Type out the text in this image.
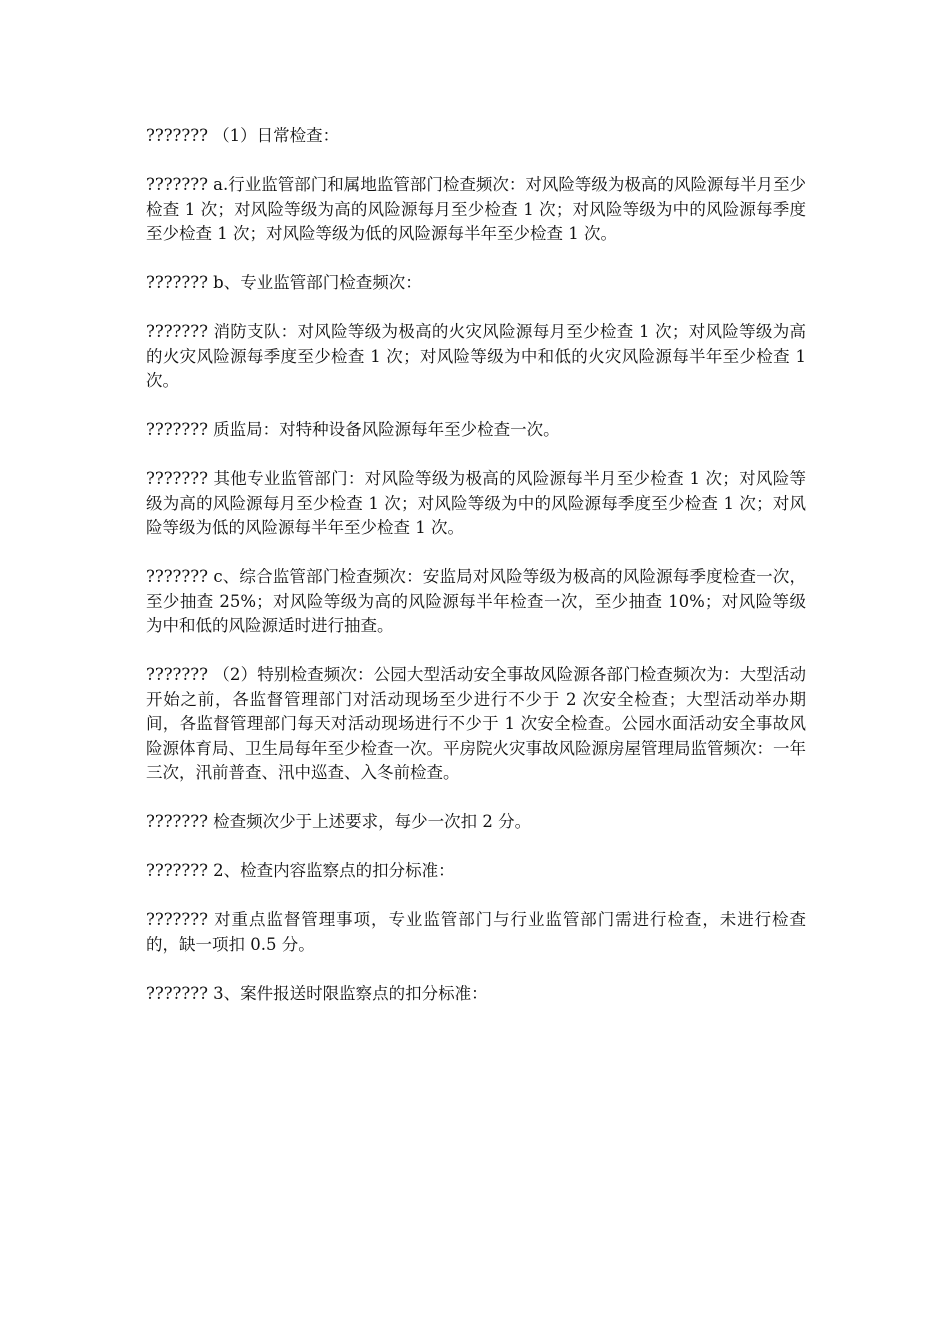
??????? （1）日常检查：

??????? a.行业监管部门和属地监管部门检查频次：对风险等级为极高的风险源每半月至少检查 1 次；对风险等级为高的风险源每月至少检查 1 次；对风险等级为中的风险源每季度至少检查 1 次；对风险等级为低的风险源每半年至少检查 1 次。

??????? b、专业监管部门检查频次：

??????? 消防支队：对风险等级为极高的火灾风险源每月至少检查 1 次；对风险等级为高的火灾风险源每季度至少检查 1 次；对风险等级为中和低的火灾风险源每半年至少检查 1 次。

??????? 质监局：对特种设备风险源每年至少检查一次。

??????? 其他专业监管部门：对风险等级为极高的风险源每半月至少检查 1 次；对风险等级为高的风险源每月至少检查 1 次；对风险等级为中的风险源每季度至少检查 1 次；对风险等级为低的风险源每半年至少检查 1 次。

??????? c、综合监管部门检查频次：安监局对风险等级为极高的风险源每季度检查一次，至少抽查 25%；对风险等级为高的风险源每半年检查一次，至少抽查 10%；对风险等级为中和低的风险源适时进行抽查。

??????? （2）特别检查频次：公园大型活动安全事故风险源各部门检查频次为：大型活动开始之前，各监督管理部门对活动现场至少进行不少于 2 次安全检查；大型活动举办期间，各监督管理部门每天对活动现场进行不少于 1 次安全检查。公园水面活动安全事故风险源体育局、卫生局每年至少检查一次。平房院火灾事故风险源房屋管理局监管频次：一年三次，汛前普查、汛中巡查、入冬前检查。

??????? 检查频次少于上述要求，每少一次扣 2 分。

??????? 2、检查内容监察点的扣分标准：

??????? 对重点监督管理事项，专业监管部门与行业监管部门需进行检查，未进行检查的，缺一项扣 0.5 分。

??????? 3、案件报送时限监察点的扣分标准：
